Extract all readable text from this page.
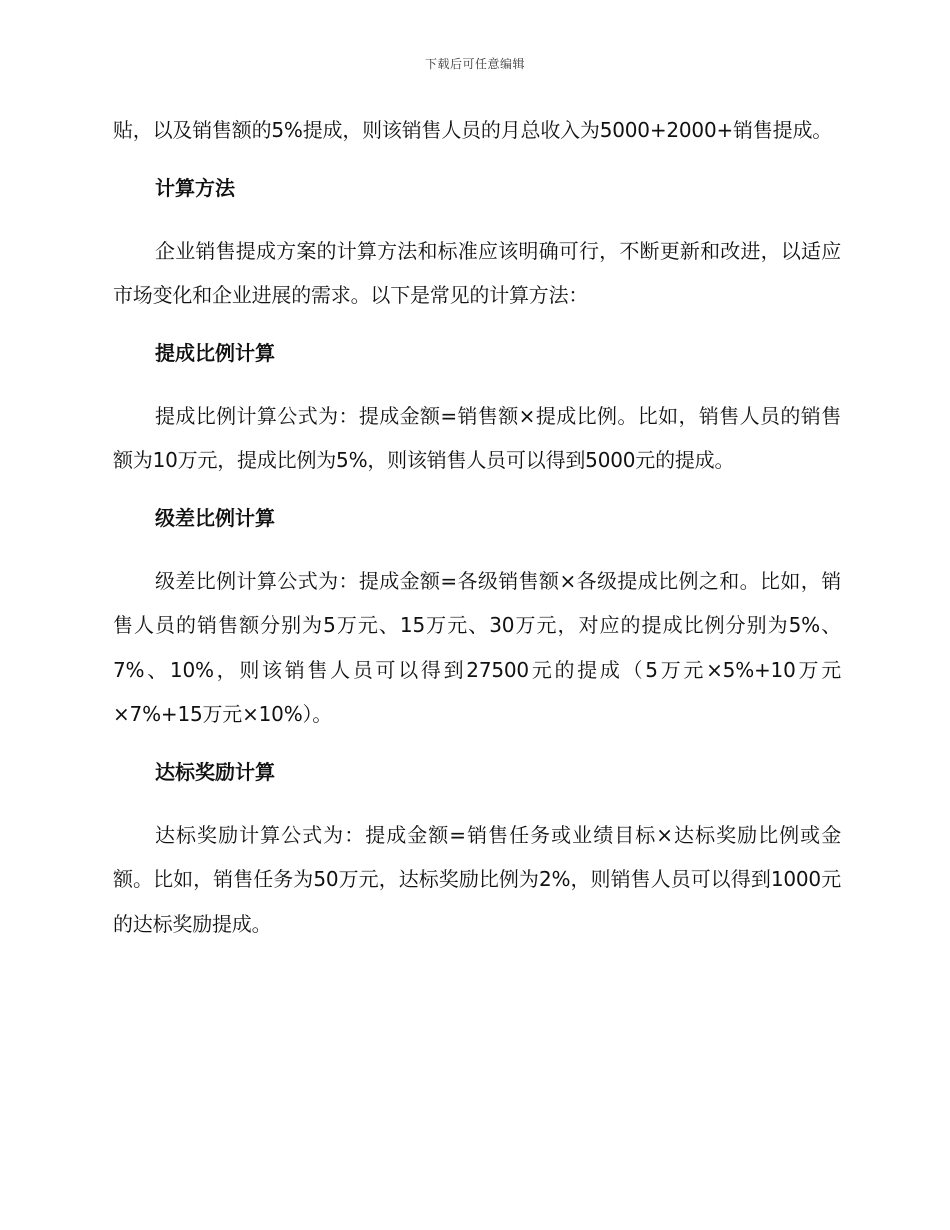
下载后可任意编辑

贴，以及销售额的5%提成，则该销售人员的月总收入为5000+2000+销售提成。

计算方法

企业销售提成方案的计算方法和标准应该明确可行，不断更新和改进，以适应市场变化和企业进展的需求。以下是常见的计算方法：

提成比例计算

提成比例计算公式为：提成金额=销售额×提成比例。比如，销售人员的销售额为10万元，提成比例为5%，则该销售人员可以得到5000元的提成。

级差比例计算

级差比例计算公式为：提成金额=各级销售额×各级提成比例之和。比如，销售人员的销售额分别为5万元、15万元、30万元，对应的提成比例分别为5%、7%、10%，则该销售人员可以得到27500元的提成（5万元×5%+10万元×7%+15万元×10%）。

达标奖励计算

达标奖励计算公式为：提成金额=销售任务或业绩目标×达标奖励比例或金额。比如，销售任务为50万元，达标奖励比例为2%，则销售人员可以得到1000元的达标奖励提成。
